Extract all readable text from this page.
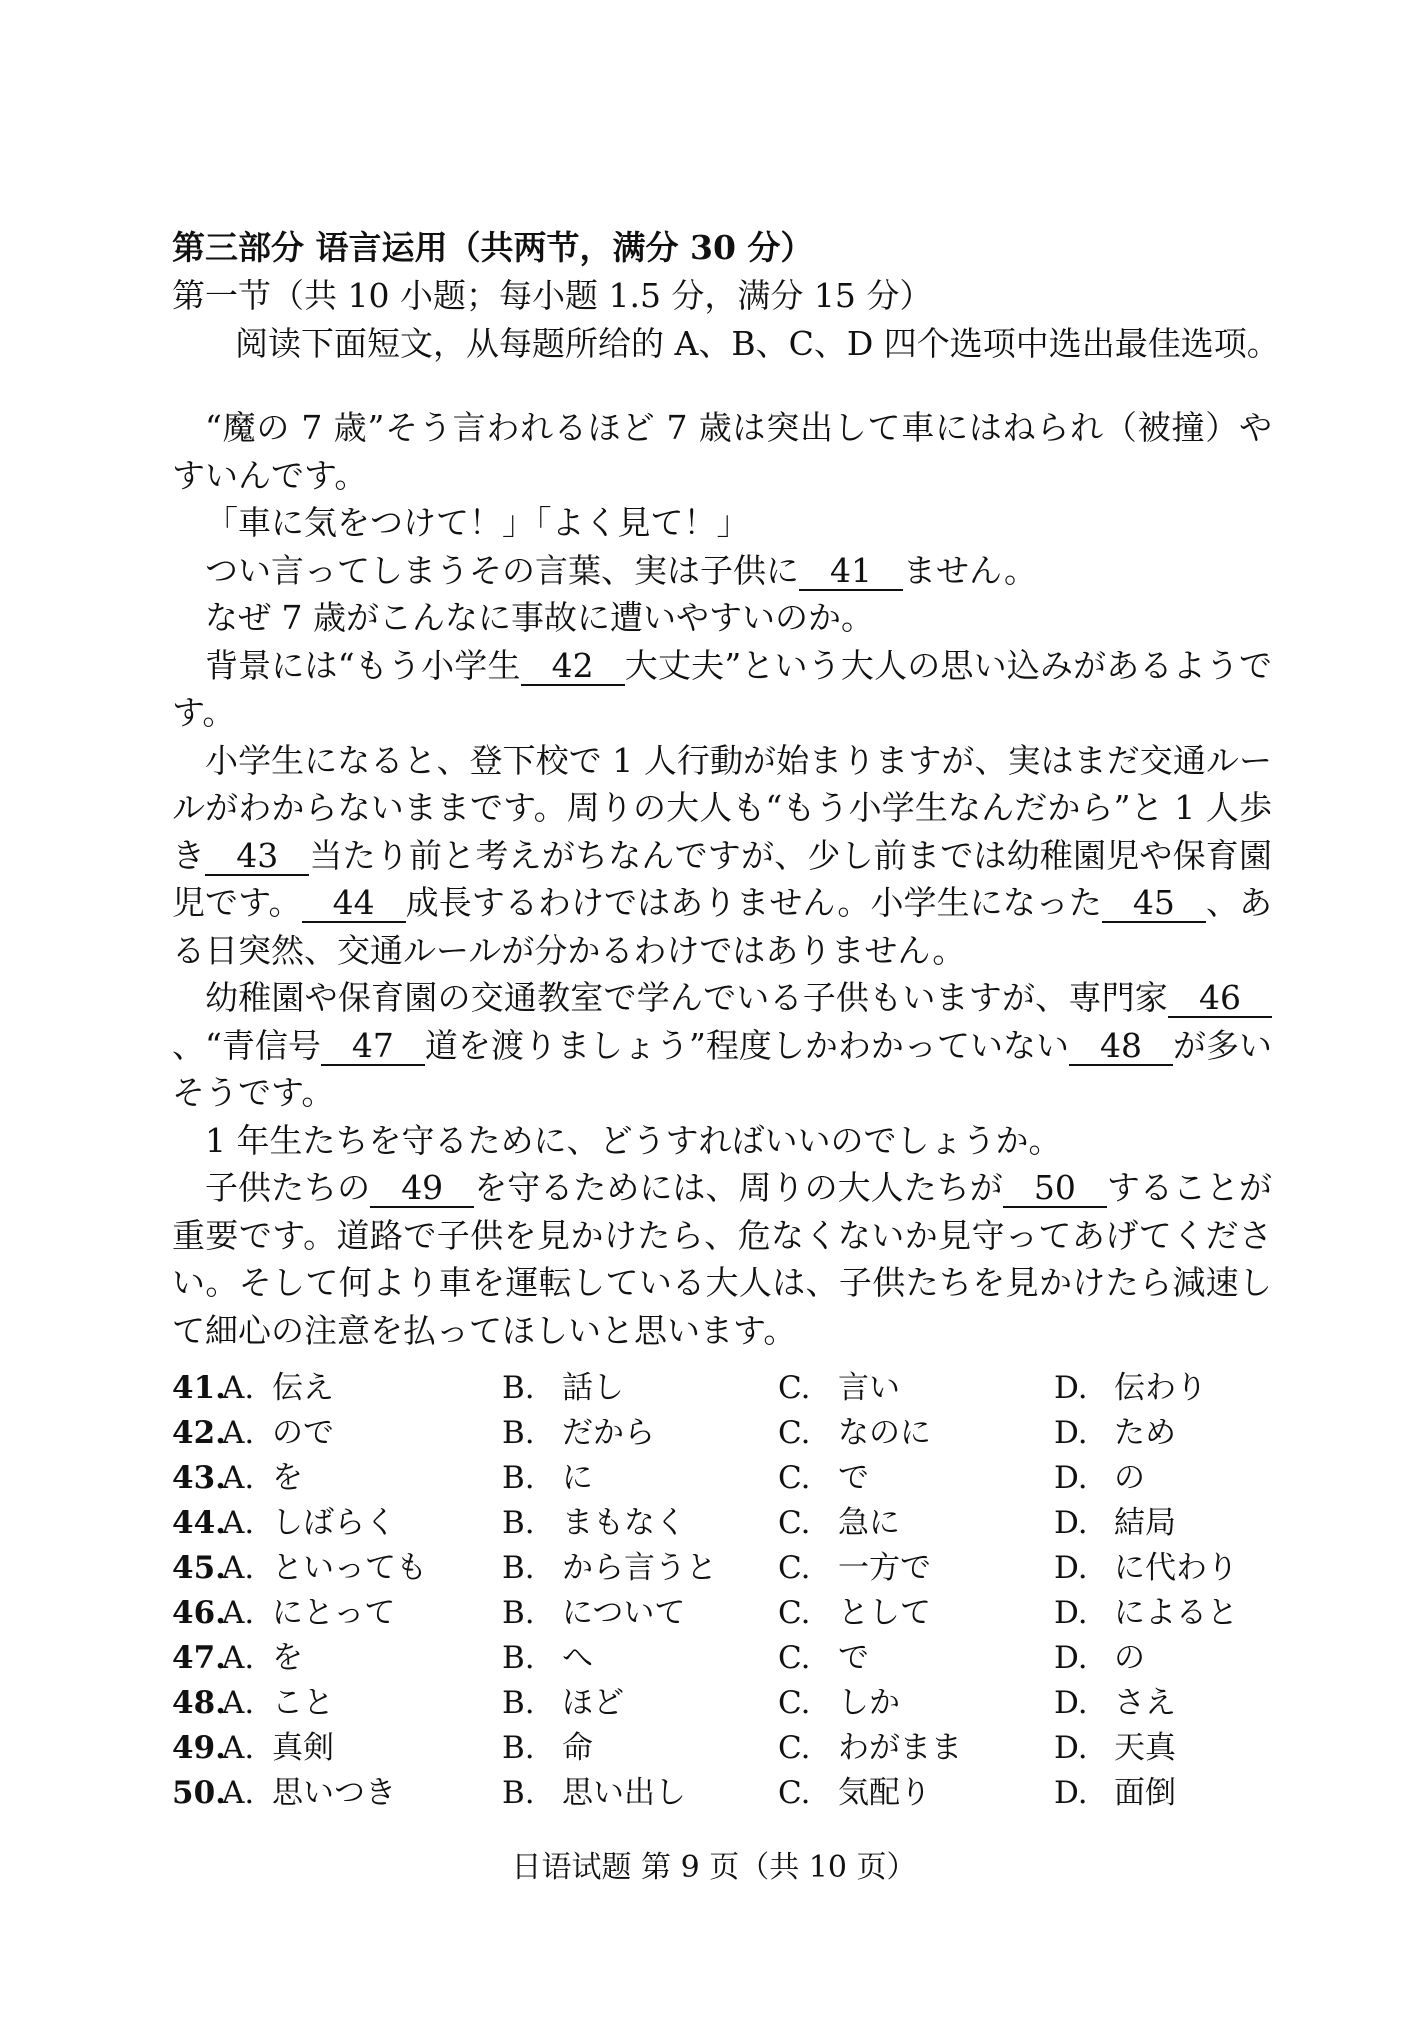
第三部分 语言运用（共两节，满分 30 分）
第一节（共 10 小题；每小题 1.5 分，满分 15 分）
阅读下面短文，从每题所给的 A、B、C、D 四个选项中选出最佳选项。

“魔の 7 歳”そう言われるほど 7 歳は突出して車にはねられ（被撞）やすいんです。

「車に気をつけて！」「よく見て！」

つい言ってしまうその言葉、実は子供に 41 ません。

なぜ 7 歳がこんなに事故に遭いやすいのか。

背景には“もう小学生 42 大丈夫”という大人の思い込みがあるようです。

小学生になると、登下校で 1 人行動が始まりますが、実はまだ交通ルールがわからないままです。周りの大人も“もう小学生なんだから”と 1 人歩き 43 当たり前と考えがちなんですが、少し前までは幼稚園児や保育園児です。 44 成長するわけではありません。小学生になった 45 、ある日突然、交通ルールが分かるわけではありません。

幼稚園や保育園の交通教室で学んでいる子供もいますが、専門家 46、“青信号 47 道を渡りましょう”程度しかわかっていない 48 が多いそうです。

1 年生たちを守るために、どうすればいいのでしょうか。

子供たちの 49 を守るためには、周りの大人たちが 50 することが重要です。道路で子供を見かけたら、危なくないか見守ってあげてください。そして何より車を運転している大人は、子供たちを見かけたら減速して細心の注意を払ってほしいと思います。

41.A. 伝え	B. 話し	C. 言い	D. 伝わり
42.A. ので	B. だから	C. なのに	D. ため
43.A. を	B. に	C. で	D. の
44.A. しばらく	B. まもなく	C. 急に	D. 結局
45.A. といっても B. から言うと C. 一方で	D. に代わり
46.A. にとって	B. について	C. として	D. によると
47.A. を	B. へ	C. で	D. の
48.A. こと	B. ほど	C. しか	D. さえ
49.A. 真剣	B. 命	C. わがまま	D. 天真
50.A. 思いつき	B. 思い出し	C. 気配り	D. 面倒
日语试题 第 9 页（共 10 页）
